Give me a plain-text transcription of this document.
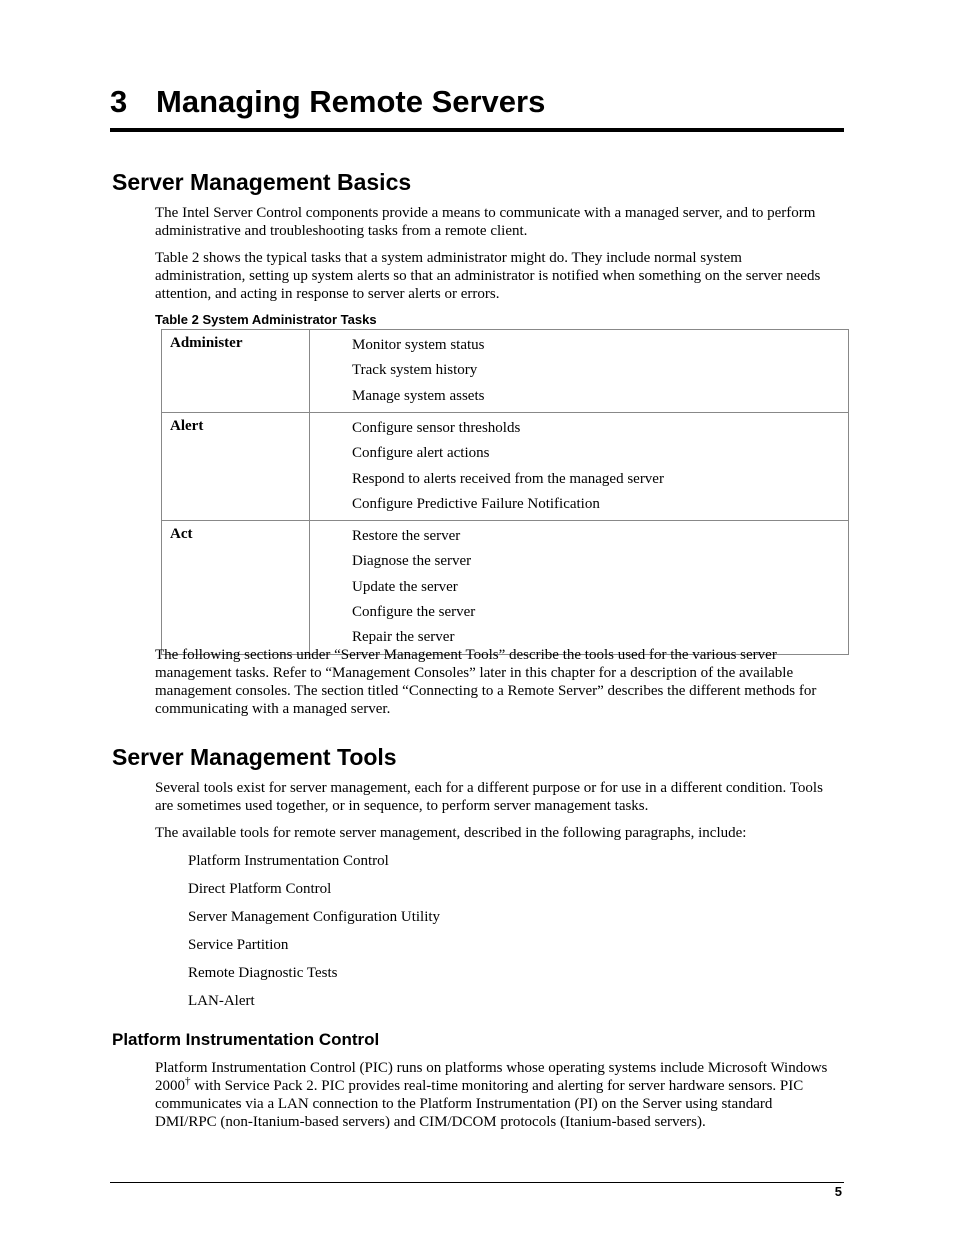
3 Managing Remote Servers
Server Management Basics

The Intel Server Control components provide a means to communicate with a managed server, and to perform administrative and troubleshooting tasks from a remote client.

Table 2 shows the typical tasks that a system administrator might do. They include normal system administration, setting up system alerts so that an administrator is notified when something on the server needs attention, and acting in response to server alerts or errors.

Table 2 System Administrator Tasks
Administer	Monitor system status
Track system history
Manage system assets

Alert	Configure sensor thresholds
Configure alert actions
Respond to alerts received from the managed server
Configure Predictive Failure Notification

Act	Restore the server
Diagnose the server
Update the server
Configure the server
Repair the server

The following sections under “Server Management Tools” describe the tools used for the various server management tasks. Refer to “Management Consoles” later in this chapter for a description of the available management consoles. The section titled “Connecting to a Remote Server” describes the different methods for communicating with a managed server.

Server Management Tools

Several tools exist for server management, each for a different purpose or for use in a different condition. Tools are sometimes used together, or in sequence, to perform server management tasks.

The available tools for remote server management, described in the following paragraphs, include:

Platform Instrumentation Control
Direct Platform Control
Server Management Configuration Utility
Service Partition
Remote Diagnostic Tests
LAN-Alert
Platform Instrumentation Control

Platform Instrumentation Control (PIC) runs on platforms whose operating systems include Microsoft Windows 2000† with Service Pack 2. PIC provides real-time monitoring and alerting for server hardware sensors. PIC communicates via a LAN connection to the Platform Instrumentation (PI) on the Server using standard DMI/RPC (non-Itanium-based servers) and CIM/DCOM protocols (Itanium-based servers).

5
